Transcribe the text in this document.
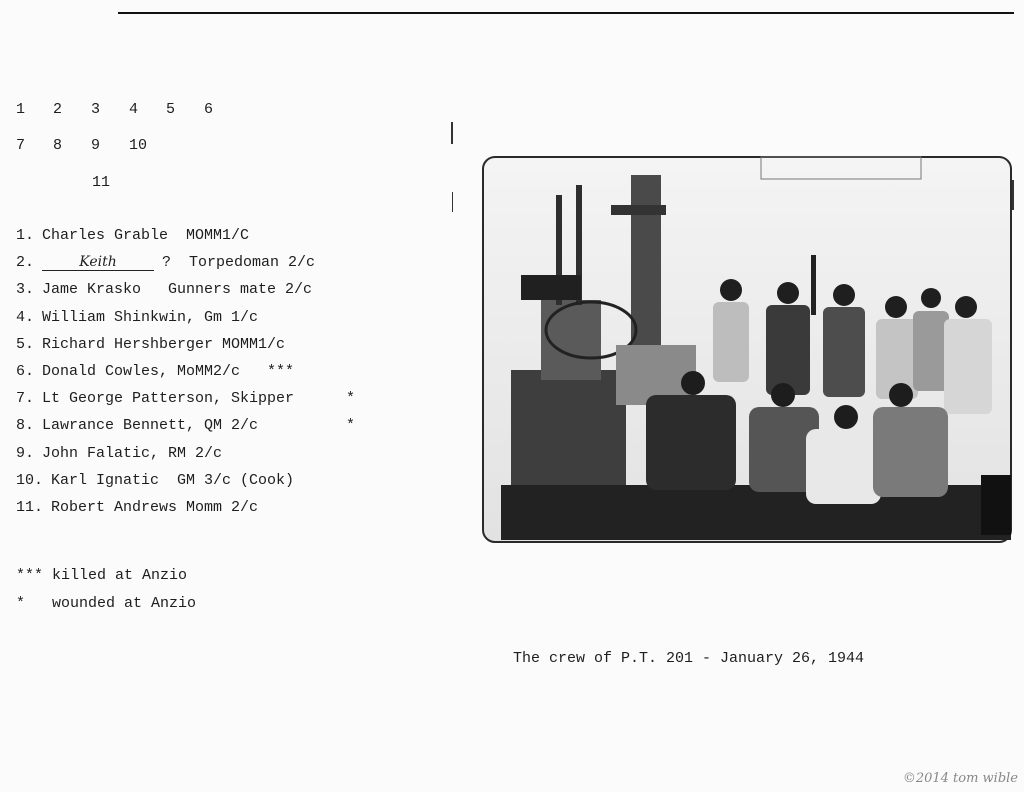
1 2 3 4 5 6
7 8 9 10
11
1. Charles Grable  MOMM1/C
2.	Keith	?  Torpedoman 2/c
3. Jame Krasko   Gunners mate 2/c
4. William Shinkwin, Gm 1/c
5. Richard Hershberger MOMM1/c
6. Donald Cowles, MoMM2/c   ***
7. Lt George Patterson, Skipper	*
8. Lawrance Bennett, QM 2/c	*
9. John Falatic, RM 2/c
10. Karl Ignatic  GM 3/c (Cook)
11. Robert Andrews Momm 2/c
*** killed at Anzio
*   wounded at Anzio
The crew of P.T. 201 - January 26, 1944
©2014 tom wible
